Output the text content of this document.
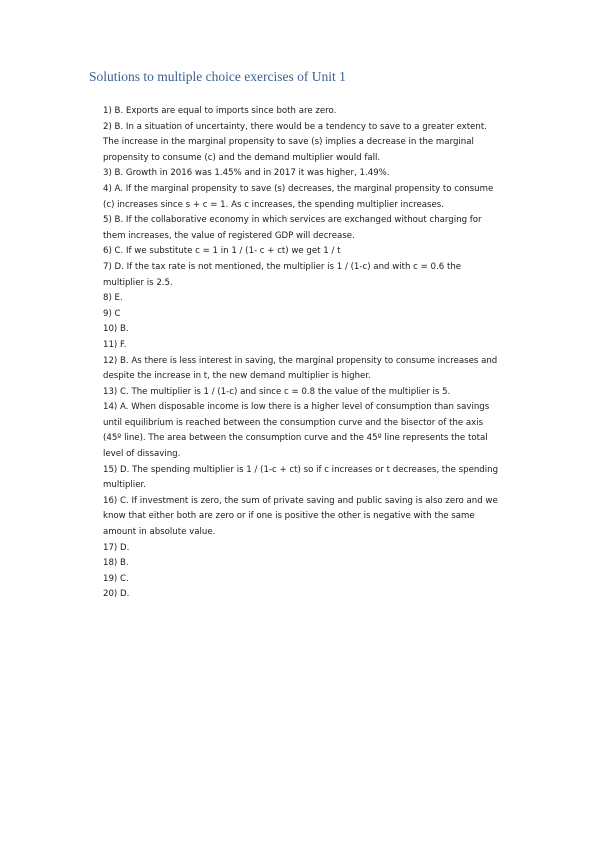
Solutions to multiple choice exercises of Unit 1
1) B. Exports are equal to imports since both are zero.
2) B. In a situation of uncertainty, there would be a tendency to save to a greater extent.
The increase in the marginal propensity to save (s) implies a decrease in the marginal
propensity to consume (c) and the demand multiplier would fall.
3) B. Growth in 2016 was 1.45% and in 2017 it was higher, 1.49%.
4) A. If the marginal propensity to save (s) decreases, the marginal propensity to consume
(c) increases since s + c = 1. As c increases, the spending multiplier increases.
5) B. If the collaborative economy in which services are exchanged without charging for
them increases, the value of registered GDP will decrease.
6) C. If we substitute c = 1 in 1 / (1- c + ct) we get 1 / t
7) D. If the tax rate is not mentioned, the multiplier is 1 / (1-c) and with c = 0.6 the
multiplier is 2.5.
8) E.
9) C
10) B.
11) F.
12) B. As there is less interest in saving, the marginal propensity to consume increases and
despite the increase in t, the new demand multiplier is higher.
13) C. The multiplier is 1 / (1-c) and since c = 0.8 the value of the multiplier is 5.
14) A. When disposable income is low there is a higher level of consumption than savings
until equilibrium is reached between the consumption curve and the bisector of the axis
(45º line). The area between the consumption curve and the 45º line represents the total
level of dissaving.
15) D. The spending multiplier is 1 / (1-c + ct) so if c increases or t decreases, the spending
multiplier.
16) C. If investment is zero, the sum of private saving and public saving is also zero and we
know that either both are zero or if one is positive the other is negative with the same
amount in absolute value.
17) D.
18) B.
19) C.
20) D.
